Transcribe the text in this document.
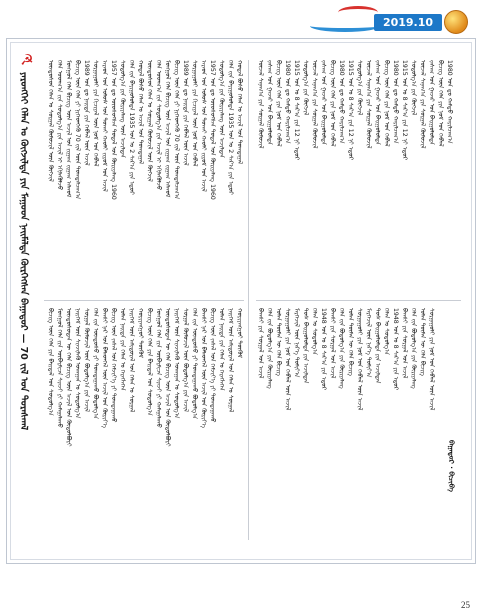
2019.10
☭
ᠶᠡᠷᠦᠩᠬᠡᠢ ᠬᠡᠯᠡᠨ ᠤ ᠬᠥᠭᠵᠢᠯᠲᠡ ᠶᠢᠨ ᠮᠠᠭᠤᠳ ᠨᠡᠢᠮᠡᠯᠲᠡ ᠬᠦᠷᠭᠡᠭᠰᠡᠨ ᠪᠠᠭᠠᠳᠤᠷ — 70 ᠵᠢᠯ ᠤᠨ ᠳᠤᠷᠠᠰᠬᠠᠯ	ᠦᠨᠳᠦᠰᠦᠨ ᠬᠡᠯᠡᠨ ᠤ ᠰᠤᠷᠭᠠᠯ ᠬᠦᠮᠦᠵᠢᠯ ᠦᠨ ᠬᠥᠭᠵᠢᠯ ᠬᠡᠯᠡ ᠤᠳᠬ᠎ᠠ ᠵᠢᠨ ᠰᠤᠳᠤᠯᠭ᠎ᠠ ᠶᠢᠨ ᠠᠵᠢᠯ ᠢ ᠡᠬᠢᠯᠡᠭᠦᠯᠵᠦ ᠮᠣᠩᠭᠣᠯ ᠬᠡᠯᠡ ᠪᠢᠴᠢᠭ ᠦᠨ ᠠᠵᠢᠯ ᠤᠨ ᠵᠢᠭᠠᠭ ᠵᠢᠭᠠᠭ ᠠᠯᠬᠤᠮ ᠪᠢᠴᠢᠭ ᠦᠨ ᠬᠡᠯᠡ ᠶᠢ ᠨᠢᠭᠡᠳᠬᠡᠬᠦ 70 ᠵᠢᠯ ᠦᠨ ᠲᠣᠭᠲᠠᠯᠴᠠᠭ᠎ᠠ 1989 ᠣᠨ ᠳᠤ ᠨᠡᠢᠲᠡ ᠶᠢᠨ ᠬᠡᠪᠯᠡᠯ ᠦᠨ ᠠᠵᠢᠯ ᠰᠤᠷᠭᠠᠭᠤᠯᠢ ᠶᠢᠨ ᠬᠢᠴᠢᠶᠡᠯ ᠦᠨ ᠨᠣᠮ ᠤᠨ ᠬᠡᠪᠯᠡᠯ ᠠᠷᠠᠳ ᠤᠨ ᠤᠯᠤᠰ ᠤᠨ ᠲᠤᠬᠠᠢ ᠬᠠᠤᠯᠢ ᠵᠢᠷᠤᠮ ᠤᠨ ᠠᠵᠢᠯ 1957 ᠣᠨ ᠳᠤ ᠦᠦᠰᠦᠭᠰᠡᠨ ᠲᠣᠲᠠᠯ ᠤᠨ ᠬᠦᠷᠢᠶᠡᠯᠡᠩ 1960 ᠰᠤᠳᠤᠯᠭ᠎ᠠ ᠶᠢᠨ ᠬᠦᠷᠢᠶᠡᠯᠡᠩ ᠦᠨ ᠠᠵᠢᠯᠲᠠᠨ ᠬᠡᠯᠡ ᠵᠢᠨ ᠪᠠᠶᠢᠭᠤᠯᠤᠯᠲᠠ 1935 ᠣᠨ ᠤ 2 ᠰᠠᠷ᠎ᠠ ᠶᠢᠨ ᠡᠳᠦᠷ ᠬᠤᠳᠠᠯ ᠪᠤᠰᠤ ᠬᠡᠯᠡᠨ ᠤ ᠠᠵᠢᠯ ᠤᠨ ᠲᠣᠭᠲᠠᠭᠠᠯ ᠦᠨᠳᠦᠰᠦᠨ ᠬᠡᠯᠡᠨ ᠤ ᠰᠤᠷᠭᠠᠯ ᠬᠦᠮᠦᠵᠢᠯ ᠦᠨ ᠬᠥᠭᠵᠢᠯ ᠬᠡᠯᠡ ᠤᠳᠬ᠎ᠠ ᠵᠢᠨ ᠰᠤᠳᠤᠯᠭ᠎ᠠ ᠶᠢᠨ ᠠᠵᠢᠯ ᠢ ᠡᠬᠢᠯᠡᠭᠦᠯᠵᠦ ᠮᠣᠩᠭᠣᠯ ᠬᠡᠯᠡ ᠪᠢᠴᠢᠭ ᠦᠨ ᠠᠵᠢᠯ ᠤᠨ ᠵᠢᠭᠠᠭ ᠵᠢᠭᠠᠭ ᠠᠯᠬᠤᠮ ᠪᠢᠴᠢᠭ ᠦᠨ ᠬᠡᠯᠡ ᠶᠢ ᠨᠢᠭᠡᠳᠬᠡᠬᠦ 70 ᠵᠢᠯ ᠦᠨ ᠲᠣᠭᠲᠠᠯᠴᠠᠭ᠎ᠠ 1989 ᠣᠨ ᠳᠤ ᠨᠡᠢᠲᠡ ᠶᠢᠨ ᠬᠡᠪᠯᠡᠯ ᠦᠨ ᠠᠵᠢᠯ ᠰᠤᠷᠭᠠᠭᠤᠯᠢ ᠶᠢᠨ ᠬᠢᠴᠢᠶᠡᠯ ᠦᠨ ᠨᠣᠮ ᠤᠨ ᠬᠡᠪᠯᠡᠯ ᠠᠷᠠᠳ ᠤᠨ ᠤᠯᠤᠰ ᠤᠨ ᠲᠤᠬᠠᠢ ᠬᠠᠤᠯᠢ ᠵᠢᠷᠤᠮ ᠤᠨ ᠠᠵᠢᠯ 1957 ᠣᠨ ᠳᠤ ᠦᠦᠰᠦᠭᠰᠡᠨ ᠲᠣᠲᠠᠯ ᠤᠨ ᠬᠦᠷᠢᠶᠡᠯᠡᠩ 1960 ᠰᠤᠳᠤᠯᠭ᠎ᠠ ᠶᠢᠨ ᠬᠦᠷᠢᠶᠡᠯᠡᠩ ᠦᠨ ᠠᠵᠢᠯᠲᠠᠨ ᠬᠡᠯᠡ ᠵᠢᠨ ᠪᠠᠶᠢᠭᠤᠯᠤᠯᠲᠠ 1935 ᠣᠨ ᠤ 2 ᠰᠠᠷ᠎ᠠ ᠶᠢᠨ ᠡᠳᠦᠷ ᠬᠤᠳᠠᠯ ᠪᠤᠰᠤ ᠬᠡᠯᠡᠨ ᠤ ᠠᠵᠢᠯ ᠤᠨ ᠲᠣᠭᠲᠠᠭᠠᠯ
ᠪᠢᠴᠢᠭ ᠦᠨ ᠬᠡᠯᠡ ᠶᠢᠨ ᠪᠠᠢᠳᠠᠯ ᠤᠨ ᠰᠤᠳᠤᠯᠭ᠎ᠠ ᠮᠣᠩᠭᠣᠯ ᠬᠡᠯᠡ ᠵᠢᠨ ᠥᠪᠡᠷᠮᠢᠴᠡ ᠰᠢᠨᠵᠢ ᠶᠢ ᠬᠠᠮᠠᠭᠠᠯᠠᠬᠤ ᠦᠨᠳᠦᠰᠦᠲᠡᠨ ᠦ ᠬᠡᠯᠡ ᠪᠢᠴᠢᠭ ᠦᠨ ᠠᠵᠢᠯ ᠤᠨ ᠬᠥᠲᠥᠯᠪᠦᠷᠢ ᠨᠡᠢᠭᠡᠮ ᠦᠨ ᠰᠢᠨᠵᠢᠯᠡᠬᠦ ᠤᠬᠠᠭᠠᠨ ᠤ ᠰᠤᠳᠤᠯᠭ᠎ᠠ ᠰᠤᠷᠭᠠᠯ ᠬᠦᠮᠦᠵᠢᠯ ᠦᠨ ᠪᠣᠳᠣᠯᠭ᠎ᠠ ᠶᠢᠨ ᠠᠵᠢᠯ ᠬᠡᠯᠡ ᠵᠢᠨ ᠦᠨᠳᠦᠰᠦ ᠶᠢ ᠲᠣᠭᠲᠠᠭᠠᠬᠤ ᠪᠣᠳᠣᠯᠭ᠎ᠠ ᠪᠠᠭᠰᠢ ᠨᠠᠷ ᠤᠨ ᠪᠡᠯᠡᠳᠬᠡᠯ ᠦᠨ ᠠᠵᠢᠯ ᠤᠨ ᠬᠦᠷᠢᠶ᠎ᠡ ᠪᠢᠴᠢᠭ ᠦᠨ ᠵᠠᠰᠠᠯ ᠤᠨ ᠬᠡᠮᠵᠢᠶ᠎ᠡ ᠶᠢ ᠲᠣᠭᠲᠠᠭᠠᠬᠤ ᠣᠯᠠᠨ ᠨᠡᠢᠲᠡ ᠶᠢᠨ ᠬᠡᠯᠡᠨ ᠤ ᠬᠡᠷᠡᠭᠯᠡᠭᠡᠨ ᠨᠡᠢᠭᠡᠮ ᠦᠨ ᠠᠮᠢᠳᠤᠷᠠᠯ ᠤᠨ ᠬᠡᠯᠡᠨ ᠤ ᠰᠤᠷᠭᠠᠯ ᠬᠤᠷᠢᠶᠠᠩᠭᠤᠢ ᠳᠦᠭᠦᠮ ᠪᠢᠴᠢᠭ ᠦᠨ ᠬᠡᠯᠡ ᠶᠢᠨ ᠪᠠᠢᠳᠠᠯ ᠤᠨ ᠰᠤᠳᠤᠯᠭ᠎ᠠ ᠮᠣᠩᠭᠣᠯ ᠬᠡᠯᠡ ᠵᠢᠨ ᠥᠪᠡᠷᠮᠢᠴᠡ ᠰᠢᠨᠵᠢ ᠶᠢ ᠬᠠᠮᠠᠭᠠᠯᠠᠬᠤ ᠦᠨᠳᠦᠰᠦᠲᠡᠨ ᠦ ᠬᠡᠯᠡ ᠪᠢᠴᠢᠭ ᠦᠨ ᠠᠵᠢᠯ ᠤᠨ ᠬᠥᠲᠥᠯᠪᠦᠷᠢ ᠨᠡᠢᠭᠡᠮ ᠦᠨ ᠰᠢᠨᠵᠢᠯᠡᠬᠦ ᠤᠬᠠᠭᠠᠨ ᠤ ᠰᠤᠳᠤᠯᠭ᠎ᠠ ᠰᠤᠷᠭᠠᠯ ᠬᠦᠮᠦᠵᠢᠯ ᠦᠨ ᠪᠣᠳᠣᠯᠭ᠎ᠠ ᠶᠢᠨ ᠠᠵᠢᠯ ᠬᠡᠯᠡ ᠵᠢᠨ ᠦᠨᠳᠦᠰᠦ ᠶᠢ ᠲᠣᠭᠲᠠᠭᠠᠬᠤ ᠪᠣᠳᠣᠯᠭ᠎ᠠ ᠪᠠᠭᠰᠢ ᠨᠠᠷ ᠤᠨ ᠪᠡᠯᠡᠳᠬᠡᠯ ᠦᠨ ᠠᠵᠢᠯ ᠤᠨ ᠬᠦᠷᠢᠶ᠎ᠡ ᠪᠢᠴᠢᠭ ᠦᠨ ᠵᠠᠰᠠᠯ ᠤᠨ ᠬᠡᠮᠵᠢᠶ᠎ᠡ ᠶᠢ ᠲᠣᠭᠲᠠᠭᠠᠬᠤ ᠣᠯᠠᠨ ᠨᠡᠢᠲᠡ ᠶᠢᠨ ᠬᠡᠯᠡᠨ ᠤ ᠬᠡᠷᠡᠭᠯᠡᠭᠡᠨ ᠨᠡᠢᠭᠡᠮ ᠦᠨ ᠠᠮᠢᠳᠤᠷᠠᠯ ᠤᠨ ᠬᠡᠯᠡᠨ ᠤ ᠰᠤᠷᠭᠠᠯ ᠬᠤᠷᠢᠶᠠᠩᠭᠤᠢ ᠳᠦᠭᠦᠮ
ᠦᠵᠡᠯ ᠰᠠᠨᠠᠭ᠎ᠠ ᠶᠢᠨ ᠰᠤᠷᠭᠠᠯ ᠬᠦᠮᠦᠵᠢᠯ ᠵᠠᠰᠠᠭ ᠤᠨ ᠭᠠᠵᠠᠷ ᠤᠨ ᠪᠠᠢᠭᠤᠯᠤᠯᠲᠠ ᠪᠢᠴᠢᠭ ᠦᠨ ᠬᠡᠯᠡ ᠶᠢᠨ ᠨᠣᠮ ᠤᠨ ᠬᠡᠪᠯᠡᠯ 1980 ᠣᠨ ᠳᠤ ᠬᠠᠮᠲᠤ ᠬᠠᠷᠢᠯᠴᠠᠭ᠎ᠠ 1915 ᠣᠨ ᠤ 8 ᠰᠠᠷ᠎ᠠ ᠶᠢᠨ 12 ᠨᠢ ᠡᠳᠦᠷ ᠰᠤᠳᠤᠯᠭ᠎ᠠ ᠶᠢᠨ ᠬᠥᠭᠵᠢᠯ ᠦᠵᠡᠯ ᠰᠠᠨᠠᠭ᠎ᠠ ᠶᠢᠨ ᠰᠤᠷᠭᠠᠯ ᠬᠦᠮᠦᠵᠢᠯ ᠵᠠᠰᠠᠭ ᠤᠨ ᠭᠠᠵᠠᠷ ᠤᠨ ᠪᠠᠢᠭᠤᠯᠤᠯᠲᠠ ᠪᠢᠴᠢᠭ ᠦᠨ ᠬᠡᠯᠡ ᠶᠢᠨ ᠨᠣᠮ ᠤᠨ ᠬᠡᠪᠯᠡᠯ 1980 ᠣᠨ ᠳᠤ ᠬᠠᠮᠲᠤ ᠬᠠᠷᠢᠯᠴᠠᠭ᠎ᠠ 1915 ᠣᠨ ᠤ 8 ᠰᠠᠷ᠎ᠠ ᠶᠢᠨ 12 ᠨᠢ ᠡᠳᠦᠷ ᠰᠤᠳᠤᠯᠭ᠎ᠠ ᠶᠢᠨ ᠬᠥᠭᠵᠢᠯ ᠦᠵᠡᠯ ᠰᠠᠨᠠᠭ᠎ᠠ ᠶᠢᠨ ᠰᠤᠷᠭᠠᠯ ᠬᠦᠮᠦᠵᠢᠯ ᠵᠠᠰᠠᠭ ᠤᠨ ᠭᠠᠵᠠᠷ ᠤᠨ ᠪᠠᠢᠭᠤᠯᠤᠯᠲᠠ ᠪᠢᠴᠢᠭ ᠦᠨ ᠬᠡᠯᠡ ᠶᠢᠨ ᠨᠣᠮ ᠤᠨ ᠬᠡᠪᠯᠡᠯ 1980 ᠣᠨ ᠳᠤ ᠬᠠᠮᠲᠤ ᠬᠠᠷᠢᠯᠴᠠᠭ᠎ᠠ 1915 ᠣᠨ ᠤ 8 ᠰᠠᠷ᠎ᠠ ᠶᠢᠨ 12 ᠨᠢ ᠡᠳᠦᠷ ᠰᠤᠳᠤᠯᠭ᠎ᠠ ᠶᠢᠨ ᠬᠥᠭᠵᠢᠯ ᠦᠵᠡᠯ ᠰᠠᠨᠠᠭ᠎ᠠ ᠶᠢᠨ ᠰᠤᠷᠭᠠᠯ ᠬᠦᠮᠦᠵᠢᠯ ᠵᠠᠰᠠᠭ ᠤᠨ ᠭᠠᠵᠠᠷ ᠤᠨ ᠪᠠᠢᠭᠤᠯᠤᠯᠲᠠ ᠪᠢᠴᠢᠭ ᠦᠨ ᠬᠡᠯᠡ ᠶᠢᠨ ᠨᠣᠮ ᠤᠨ ᠬᠡᠪᠯᠡᠯ 1980 ᠣᠨ ᠳᠤ ᠬᠠᠮᠲᠤ ᠬᠠᠷᠢᠯᠴᠠᠭ᠎ᠠ
ᠪᠠᠭᠰᠢ ᠶᠢᠨ ᠰᠤᠷᠭᠠᠯ ᠤᠨ ᠠᠵᠢᠯ ᠬᠡᠯᠡ ᠵᠢᠨ ᠪᠣᠳᠣᠯᠭ᠎ᠠ ᠶᠢᠨ ᠬᠦᠷᠢᠶᠡᠯᠡᠩ ᠣᠯᠠᠨ ᠲᠦᠮᠡᠨ ᠦ ᠬᠡᠯᠡ ᠪᠢᠴᠢᠭ ᠰᠤᠷᠭᠠᠭᠤᠯᠢ ᠶᠢᠨ ᠨᠣᠮ ᠤᠨ ᠬᠡᠪᠯᠡᠯ ᠦᠨ ᠠᠵᠢᠯ ᠮᠡᠷᠭᠡᠵᠢᠯ ᠦᠨ ᠨᠡᠷ᠎ᠡ ᠲᠣᠮᠢᠶ᠎ᠠ ᠲᠤᠰ ᠪᠠᠢᠭᠤᠯᠤᠯᠲᠠ ᠶᠢᠨ ᠠᠵᠢᠯᠲᠠᠨ ᠬᠡᠯᠡᠨ ᠤ ᠰᠤᠳᠤᠯᠭ᠎ᠠ 1948 ᠣᠨ ᠤ 8 ᠰᠠᠷ᠎ᠠ ᠶᠢᠨ ᠡᠳᠦᠷ ᠪᠠᠭᠰᠢ ᠶᠢᠨ ᠰᠤᠷᠭᠠᠯ ᠤᠨ ᠠᠵᠢᠯ ᠬᠡᠯᠡ ᠵᠢᠨ ᠪᠣᠳᠣᠯᠭ᠎ᠠ ᠶᠢᠨ ᠬᠦᠷᠢᠶᠡᠯᠡᠩ ᠣᠯᠠᠨ ᠲᠦᠮᠡᠨ ᠦ ᠬᠡᠯᠡ ᠪᠢᠴᠢᠭ ᠰᠤᠷᠭᠠᠭᠤᠯᠢ ᠶᠢᠨ ᠨᠣᠮ ᠤᠨ ᠬᠡᠪᠯᠡᠯ ᠦᠨ ᠠᠵᠢᠯ ᠮᠡᠷᠭᠡᠵᠢᠯ ᠦᠨ ᠨᠡᠷ᠎ᠡ ᠲᠣᠮᠢᠶ᠎ᠠ ᠲᠤᠰ ᠪᠠᠢᠭᠤᠯᠤᠯᠲᠠ ᠶᠢᠨ ᠠᠵᠢᠯᠲᠠᠨ ᠬᠡᠯᠡᠨ ᠤ ᠰᠤᠳᠤᠯᠭ᠎ᠠ 1948 ᠣᠨ ᠤ 8 ᠰᠠᠷ᠎ᠠ ᠶᠢᠨ ᠡᠳᠦᠷ ᠪᠠᠭᠰᠢ ᠶᠢᠨ ᠰᠤᠷᠭᠠᠯ ᠤᠨ ᠠᠵᠢᠯ ᠬᠡᠯᠡ ᠵᠢᠨ ᠪᠣᠳᠣᠯᠭ᠎ᠠ ᠶᠢᠨ ᠬᠦᠷᠢᠶᠡᠯᠡᠩ ᠣᠯᠠᠨ ᠲᠦᠮᠡᠨ ᠦ ᠬᠡᠯᠡ ᠪᠢᠴᠢᠭ ᠰᠤᠷᠭᠠᠭᠤᠯᠢ ᠶᠢᠨ ᠨᠣᠮ ᠤᠨ ᠬᠡᠪᠯᠡᠯ ᠦᠨ ᠠᠵᠢᠯ
ᠪᠠᠭᠠᠲᠤᠷ · ᠪᠢᠴᠢᠪᠡ
25
